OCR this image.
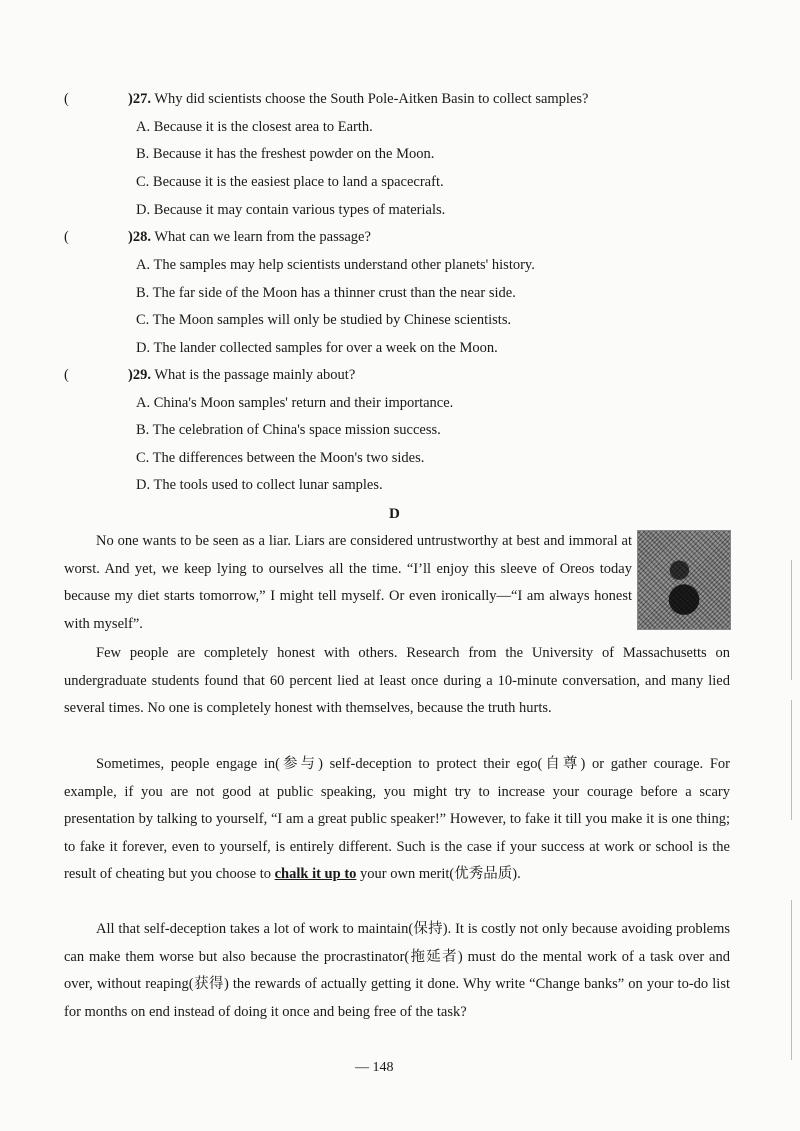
(	)27. Why did scientists choose the South Pole-Aitken Basin to collect samples?
A. Because it is the closest area to Earth.
B. Because it has the freshest powder on the Moon.
C. Because it is the easiest place to land a spacecraft.
D. Because it may contain various types of materials.
(	)28. What can we learn from the passage?
A. The samples may help scientists understand other planets' history.
B. The far side of the Moon has a thinner crust than the near side.
C. The Moon samples will only be studied by Chinese scientists.
D. The lander collected samples for over a week on the Moon.
(	)29. What is the passage mainly about?
A. China's Moon samples' return and their importance.
B. The celebration of China's space mission success.
C. The differences between the Moon's two sides.
D. The tools used to collect lunar samples.
D
No one wants to be seen as a liar. Liars are considered untrustworthy at best and immoral at worst. And yet, we keep lying to ourselves all the time. “I’ll enjoy this sleeve of Oreos today because my diet starts tomorrow,” I might tell myself. Or even ironically—“I am always honest with myself”.
Few people are completely honest with others. Research from the University of Massachusetts on undergraduate students found that 60 percent lied at least once during a 10-minute conversation, and many lied several times. No one is completely honest with themselves, because the truth hurts.
Sometimes, people engage in(参与) self-deception to protect their ego(自尊) or gather courage. For example, if you are not good at public speaking, you might try to increase your courage before a scary presentation by talking to yourself, “I am a great public speaker!” However, to fake it till you make it is one thing; to fake it forever, even to yourself, is entirely different. Such is the case if your success at work or school is the result of cheating but you choose to chalk it up to your own merit(优秀品质).
All that self-deception takes a lot of work to maintain(保持). It is costly not only because avoiding problems can make them worse but also because the procrastinator(拖延者) must do the mental work of a task over and over, without reaping(获得) the rewards of actually getting it done. Why write “Change banks” on your to-do list for months on end instead of doing it once and being free of the task?
— 148
